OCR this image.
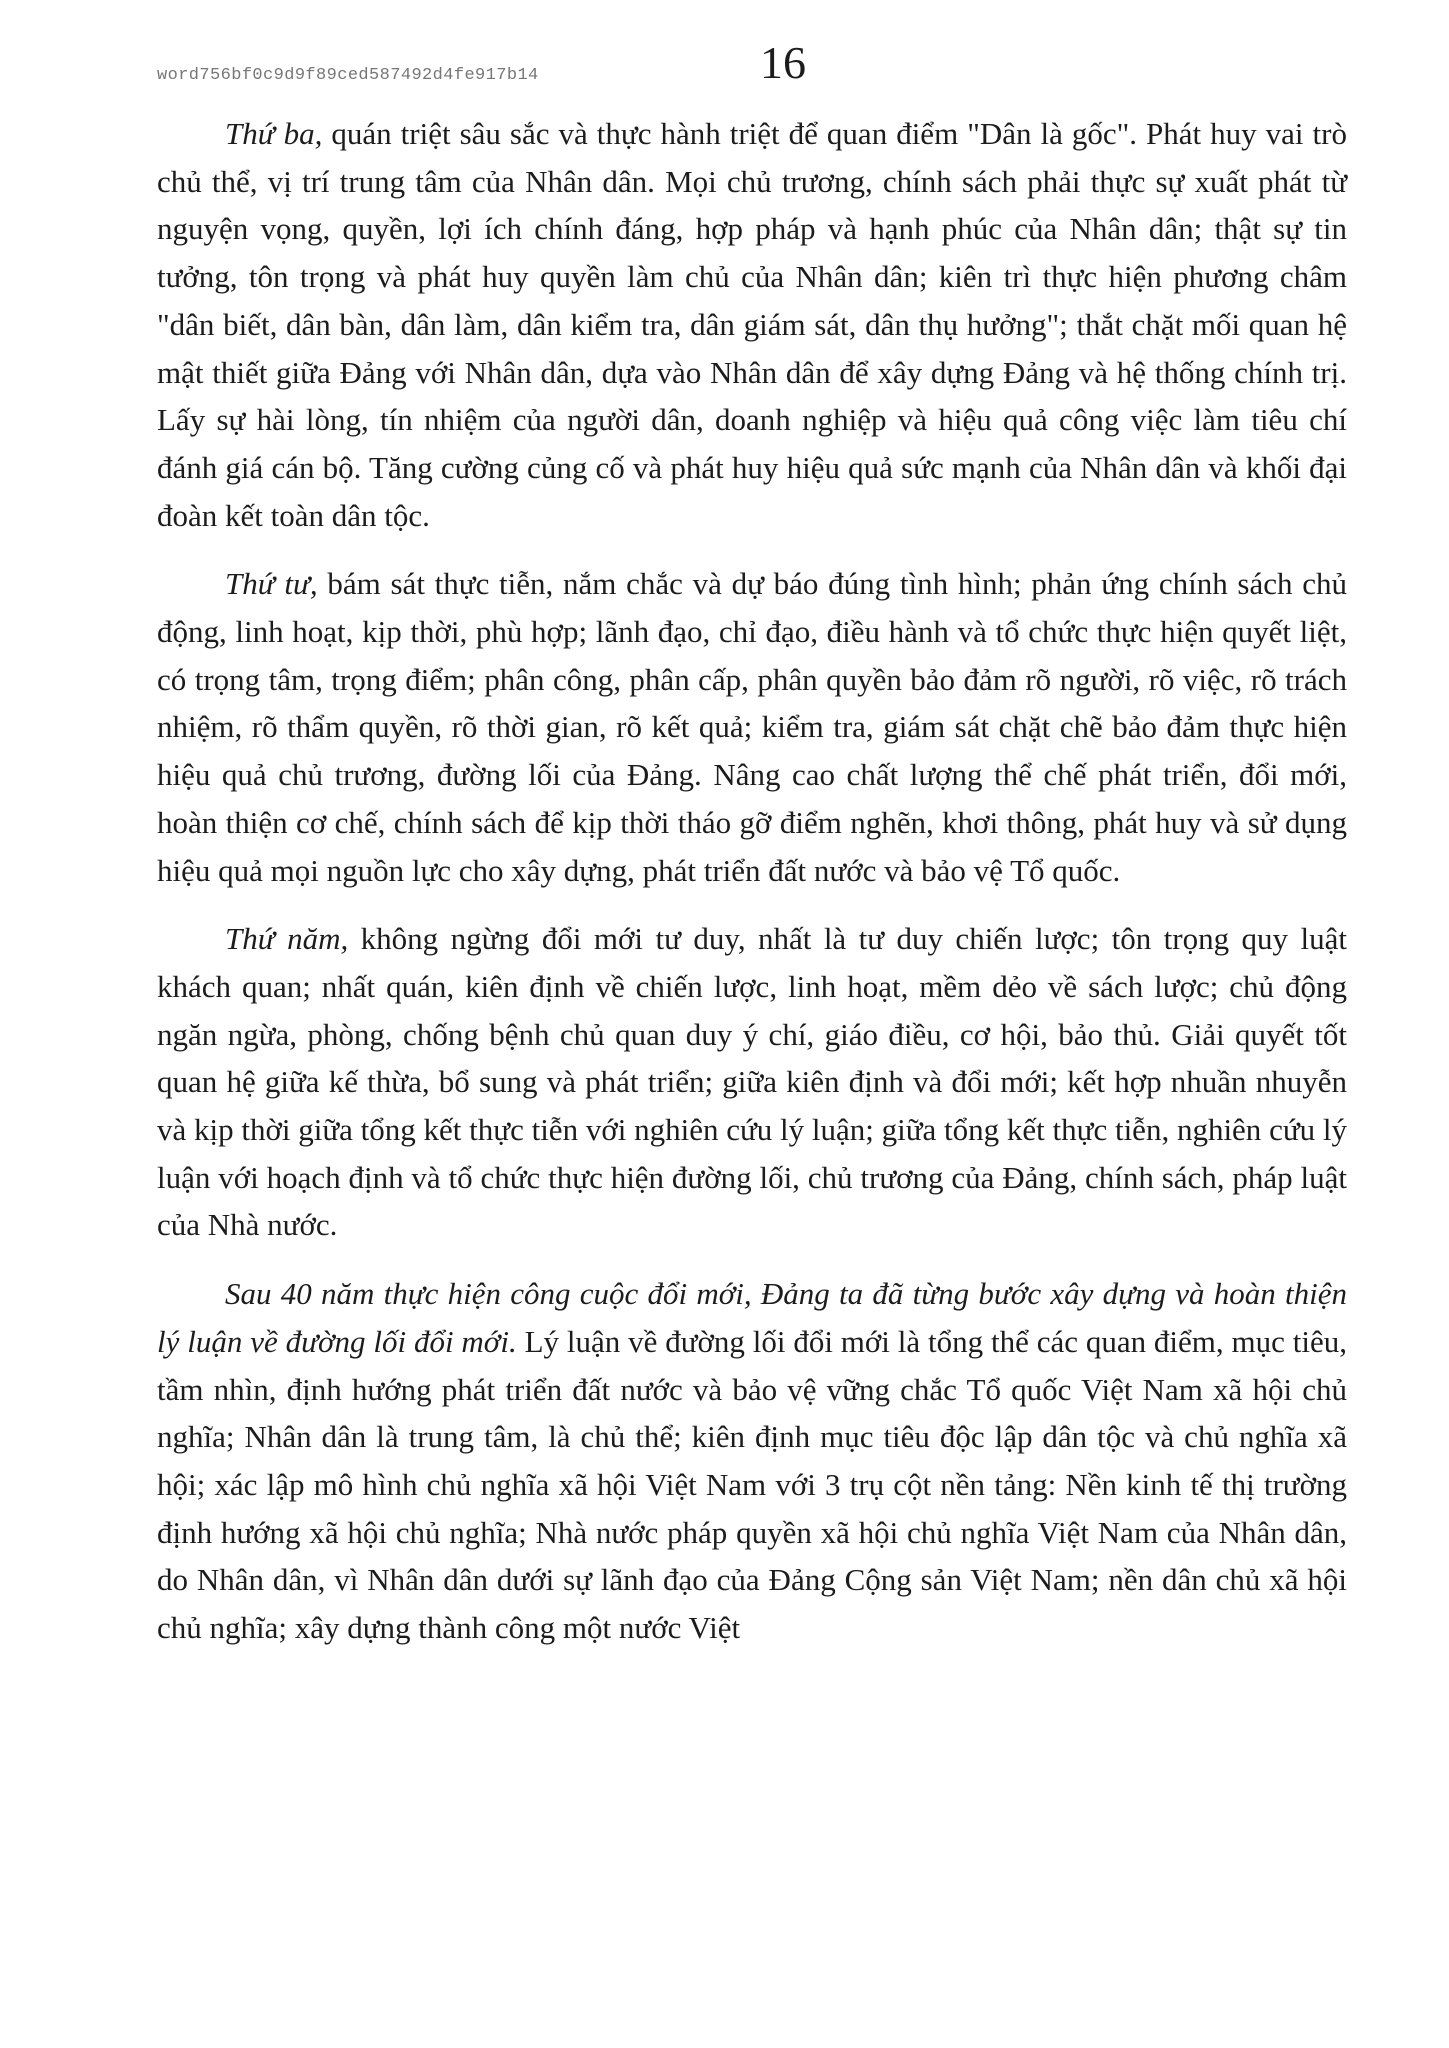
word756bf0c9d9f89ced587492d4fe917b14	16

Thứ ba, quán triệt sâu sắc và thực hành triệt để quan điểm "Dân là gốc". Phát huy vai trò chủ thể, vị trí trung tâm của Nhân dân. Mọi chủ trương, chính sách phải thực sự xuất phát từ nguyện vọng, quyền, lợi ích chính đáng, hợp pháp và hạnh phúc của Nhân dân; thật sự tin tưởng, tôn trọng và phát huy quyền làm chủ của Nhân dân; kiên trì thực hiện phương châm "dân biết, dân bàn, dân làm, dân kiểm tra, dân giám sát, dân thụ hưởng"; thắt chặt mối quan hệ mật thiết giữa Đảng với Nhân dân, dựa vào Nhân dân để xây dựng Đảng và hệ thống chính trị. Lấy sự hài lòng, tín nhiệm của người dân, doanh nghiệp và hiệu quả công việc làm tiêu chí đánh giá cán bộ. Tăng cường củng cố và phát huy hiệu quả sức mạnh của Nhân dân và khối đại đoàn kết toàn dân tộc.

Thứ tư, bám sát thực tiễn, nắm chắc và dự báo đúng tình hình; phản ứng chính sách chủ động, linh hoạt, kịp thời, phù hợp; lãnh đạo, chỉ đạo, điều hành và tổ chức thực hiện quyết liệt, có trọng tâm, trọng điểm; phân công, phân cấp, phân quyền bảo đảm rõ người, rõ việc, rõ trách nhiệm, rõ thẩm quyền, rõ thời gian, rõ kết quả; kiểm tra, giám sát chặt chẽ bảo đảm thực hiện hiệu quả chủ trương, đường lối của Đảng. Nâng cao chất lượng thể chế phát triển, đổi mới, hoàn thiện cơ chế, chính sách để kịp thời tháo gỡ điểm nghẽn, khơi thông, phát huy và sử dụng hiệu quả mọi nguồn lực cho xây dựng, phát triển đất nước và bảo vệ Tổ quốc.

Thứ năm, không ngừng đổi mới tư duy, nhất là tư duy chiến lược; tôn trọng quy luật khách quan; nhất quán, kiên định về chiến lược, linh hoạt, mềm dẻo về sách lược; chủ động ngăn ngừa, phòng, chống bệnh chủ quan duy ý chí, giáo điều, cơ hội, bảo thủ. Giải quyết tốt quan hệ giữa kế thừa, bổ sung và phát triển; giữa kiên định và đổi mới; kết hợp nhuần nhuyễn và kịp thời giữa tổng kết thực tiễn với nghiên cứu lý luận; giữa tổng kết thực tiễn, nghiên cứu lý luận với hoạch định và tổ chức thực hiện đường lối, chủ trương của Đảng, chính sách, pháp luật của Nhà nước.

Sau 40 năm thực hiện công cuộc đổi mới, Đảng ta đã từng bước xây dựng và hoàn thiện lý luận về đường lối đổi mới. Lý luận về đường lối đổi mới là tổng thể các quan điểm, mục tiêu, tầm nhìn, định hướng phát triển đất nước và bảo vệ vững chắc Tổ quốc Việt Nam xã hội chủ nghĩa; Nhân dân là trung tâm, là chủ thể; kiên định mục tiêu độc lập dân tộc và chủ nghĩa xã hội; xác lập mô hình chủ nghĩa xã hội Việt Nam với 3 trụ cột nền tảng: Nền kinh tế thị trường định hướng xã hội chủ nghĩa; Nhà nước pháp quyền xã hội chủ nghĩa Việt Nam của Nhân dân, do Nhân dân, vì Nhân dân dưới sự lãnh đạo của Đảng Cộng sản Việt Nam; nền dân chủ xã hội chủ nghĩa; xây dựng thành công một nước Việt
